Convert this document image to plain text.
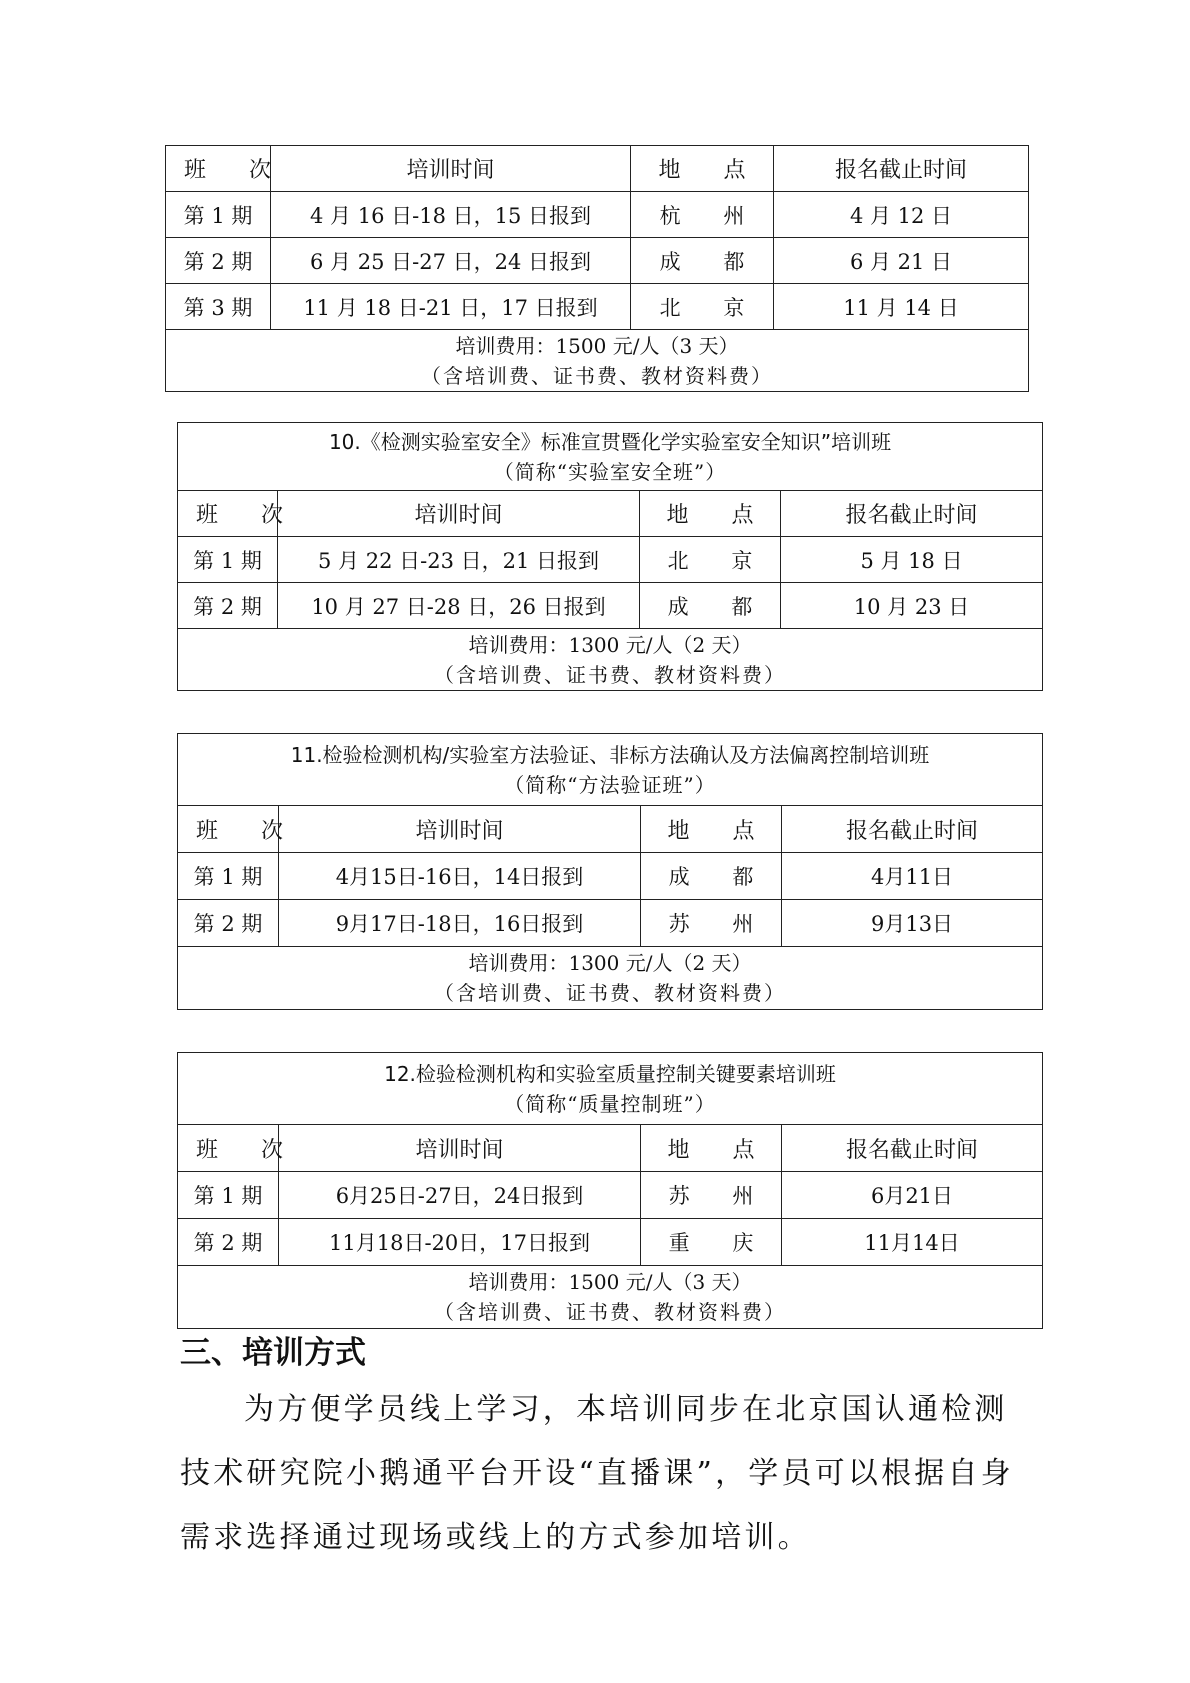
班 次	培训时间	地 点	报名截止时间
第 1 期	4 月 16 日-18 日，15 日报到	杭 州	4 月 12 日
第 2 期	6 月 25 日-27 日，24 日报到	成 都	6 月 21 日
第 3 期	11 月 18 日-21 日，17 日报到	北 京	11 月 14 日

培训费用：1500 元/人（3 天）
（含培训费、证书费、教材资料费）			
10.《检测实验室安全》标准宣贯暨化学实验室安全知识”培训班
（简称“实验室安全班”）			

班 次	培训时间	地 点	报名截止时间
第 1 期	5 月 22 日-23 日，21 日报到	北 京	5 月 18 日
第 2 期	10 月 27 日-28 日，26 日报到	成 都	10 月 23 日

培训费用：1300 元/人（2 天）
（含培训费、证书费、教材资料费）			
11.检验检测机构/实验室方法验证、非标方法确认及方法偏离控制培训班
（简称“方法验证班”）			

班 次	培训时间	地 点	报名截止时间
第 1 期	4月15日-16日，14日报到	成 都	4月11日
第 2 期	9月17日-18日，16日报到	苏 州	9月13日

培训费用：1300 元/人（2 天）
（含培训费、证书费、教材资料费）			
12.检验检测机构和实验室质量控制关键要素培训班
（简称“质量控制班”）			

班 次	培训时间	地 点	报名截止时间
第 1 期	6月25日-27日，24日报到	苏 州	6月21日
第 2 期	11月18日-20日，17日报到	重 庆	11月14日

培训费用：1500 元/人（3 天）
（含培训费、证书费、教材资料费）			
三、培训方式

为方便学员线上学习，本培训同步在北京国认通检测技术研究院小鹅通平台开设“直播课”，学员可以根据自身需求选择通过现场或线上的方式参加培训。
